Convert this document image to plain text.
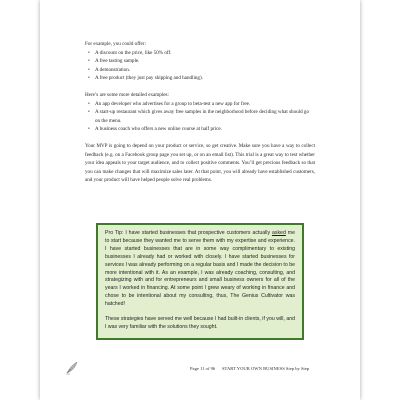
For example, you could offer:

• A discount on the price, like 50% off.
• A free tasting sample.
• A demonstration.
• A free product (they just pay shipping and handling).

Here’s are some more detailed examples:

• An app developer who advertises for a group to beta-test a new app for free.
• A start-up restaurant which gives away free samples in the neighborhood before deciding what should go on the menu.
• A business coach who offers a new online course at half price.

Your MVP is going to depend on your product or service, so get creative. Make sure you have a way to collect feedback (e.g. on a Facebook group page you set up, or on an email list). This trial is a great way to test whether your idea appeals to your target audience, and to collect positive comments. You’ll get precious feedback so that you can make changes that will maximize sales later. At that point, you will already have established customers, and your product will have helped people solve real problems.

Pro Tip: I have started businesses that prospective customers actually asked me to start because they wanted me to serve them with my expertise and experience. I have started businesses that are in some way complimentary to existing businesses I already had or worked with closely. I have started businesses for services I was already performing on a regular basis and I made the decision to be more intentional with it. As an example, I was already coaching, consulting, and strategizing with and for entrepreneurs and small business owners for all of the years I worked in financing. At some point I grew weary of working in finance and chose to be intentional about my consulting, thus, The Genius Cultivator was hatched!

These strategies have served me well because I had built-in clients, if you will, and I was very familiar with the solutions they sought.

Page 11 of 96 START YOUR OWN BUSINESS Step by Step
